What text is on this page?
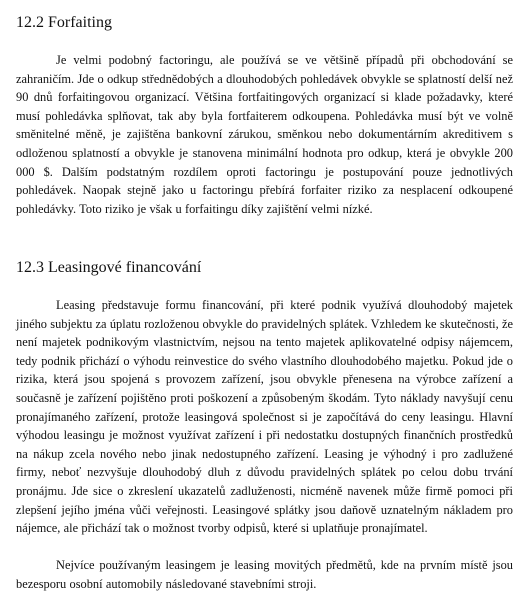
12.2 Forfaiting

Je velmi podobný factoringu, ale používá se ve většině případů při obchodování se zahraničím. Jde o odkup střednědobých a dlouhodobých pohledávek obvykle se splatností delší než 90 dnů forfaitingovou organizací. Většina fortfaitingových organizací si klade požadavky, které musí pohledávka splňovat, tak aby byla fortfaiterem odkoupena. Pohledávka musí být ve volně směnitelné měně, je zajištěna bankovní zárukou, směnkou nebo dokumentárním akreditivem s odloženou splatností a obvykle je stanovena minimální hodnota pro odkup, která je obvykle 200 000 $. Dalším podstatným rozdílem oproti factoringu je postupování pouze jednotlivých pohledávek. Naopak stejně jako u factoringu přebírá forfaiter riziko za nesplacení odkoupené pohledávky. Toto riziko je však u forfaitingu díky zajištění velmi nízké.

12.3 Leasingové financování

Leasing představuje formu financování, při které podnik využívá dlouhodobý majetek jiného subjektu za úplatu rozloženou obvykle do pravidelných splátek. Vzhledem ke skutečnosti, že není majetek podnikovým vlastnictvím, nejsou na tento majetek aplikovatelné odpisy nájemcem, tedy podnik přichází o výhodu reinvestice do svého vlastního dlouhodobého majetku. Pokud jde o rizika, která jsou spojená s provozem zařízení, jsou obvykle přenesena na výrobce zařízení a současně je zařízení pojištěno proti poškození a způsobeným škodám. Tyto náklady navyšují cenu pronajímaného zařízení, protože leasingová společnost si je započítává do ceny leasingu. Hlavní výhodou leasingu je možnost využívat zařízení i při nedostatku dostupných finančních prostředků na nákup zcela nového nebo jinak nedostupného zařízení. Leasing je výhodný i pro zadlužené firmy, neboť nezvyšuje dlouhodobý dluh z důvodu pravidelných splátek po celou dobu trvání pronájmu. Jde sice o zkreslení ukazatelů zadluženosti, nicméně navenek může firmě pomoci při zlepšení jejího jména vůči veřejnosti. Leasingové splátky jsou daňově uznatelným nákladem pro nájemce, ale přichází tak o možnost tvorby odpisů, které si uplatňuje pronajímatel.

Nejvíce používaným leasingem je leasing movitých předmětů, kde na prvním místě jsou bezesporu osobní automobily následované stavebními stroji.
